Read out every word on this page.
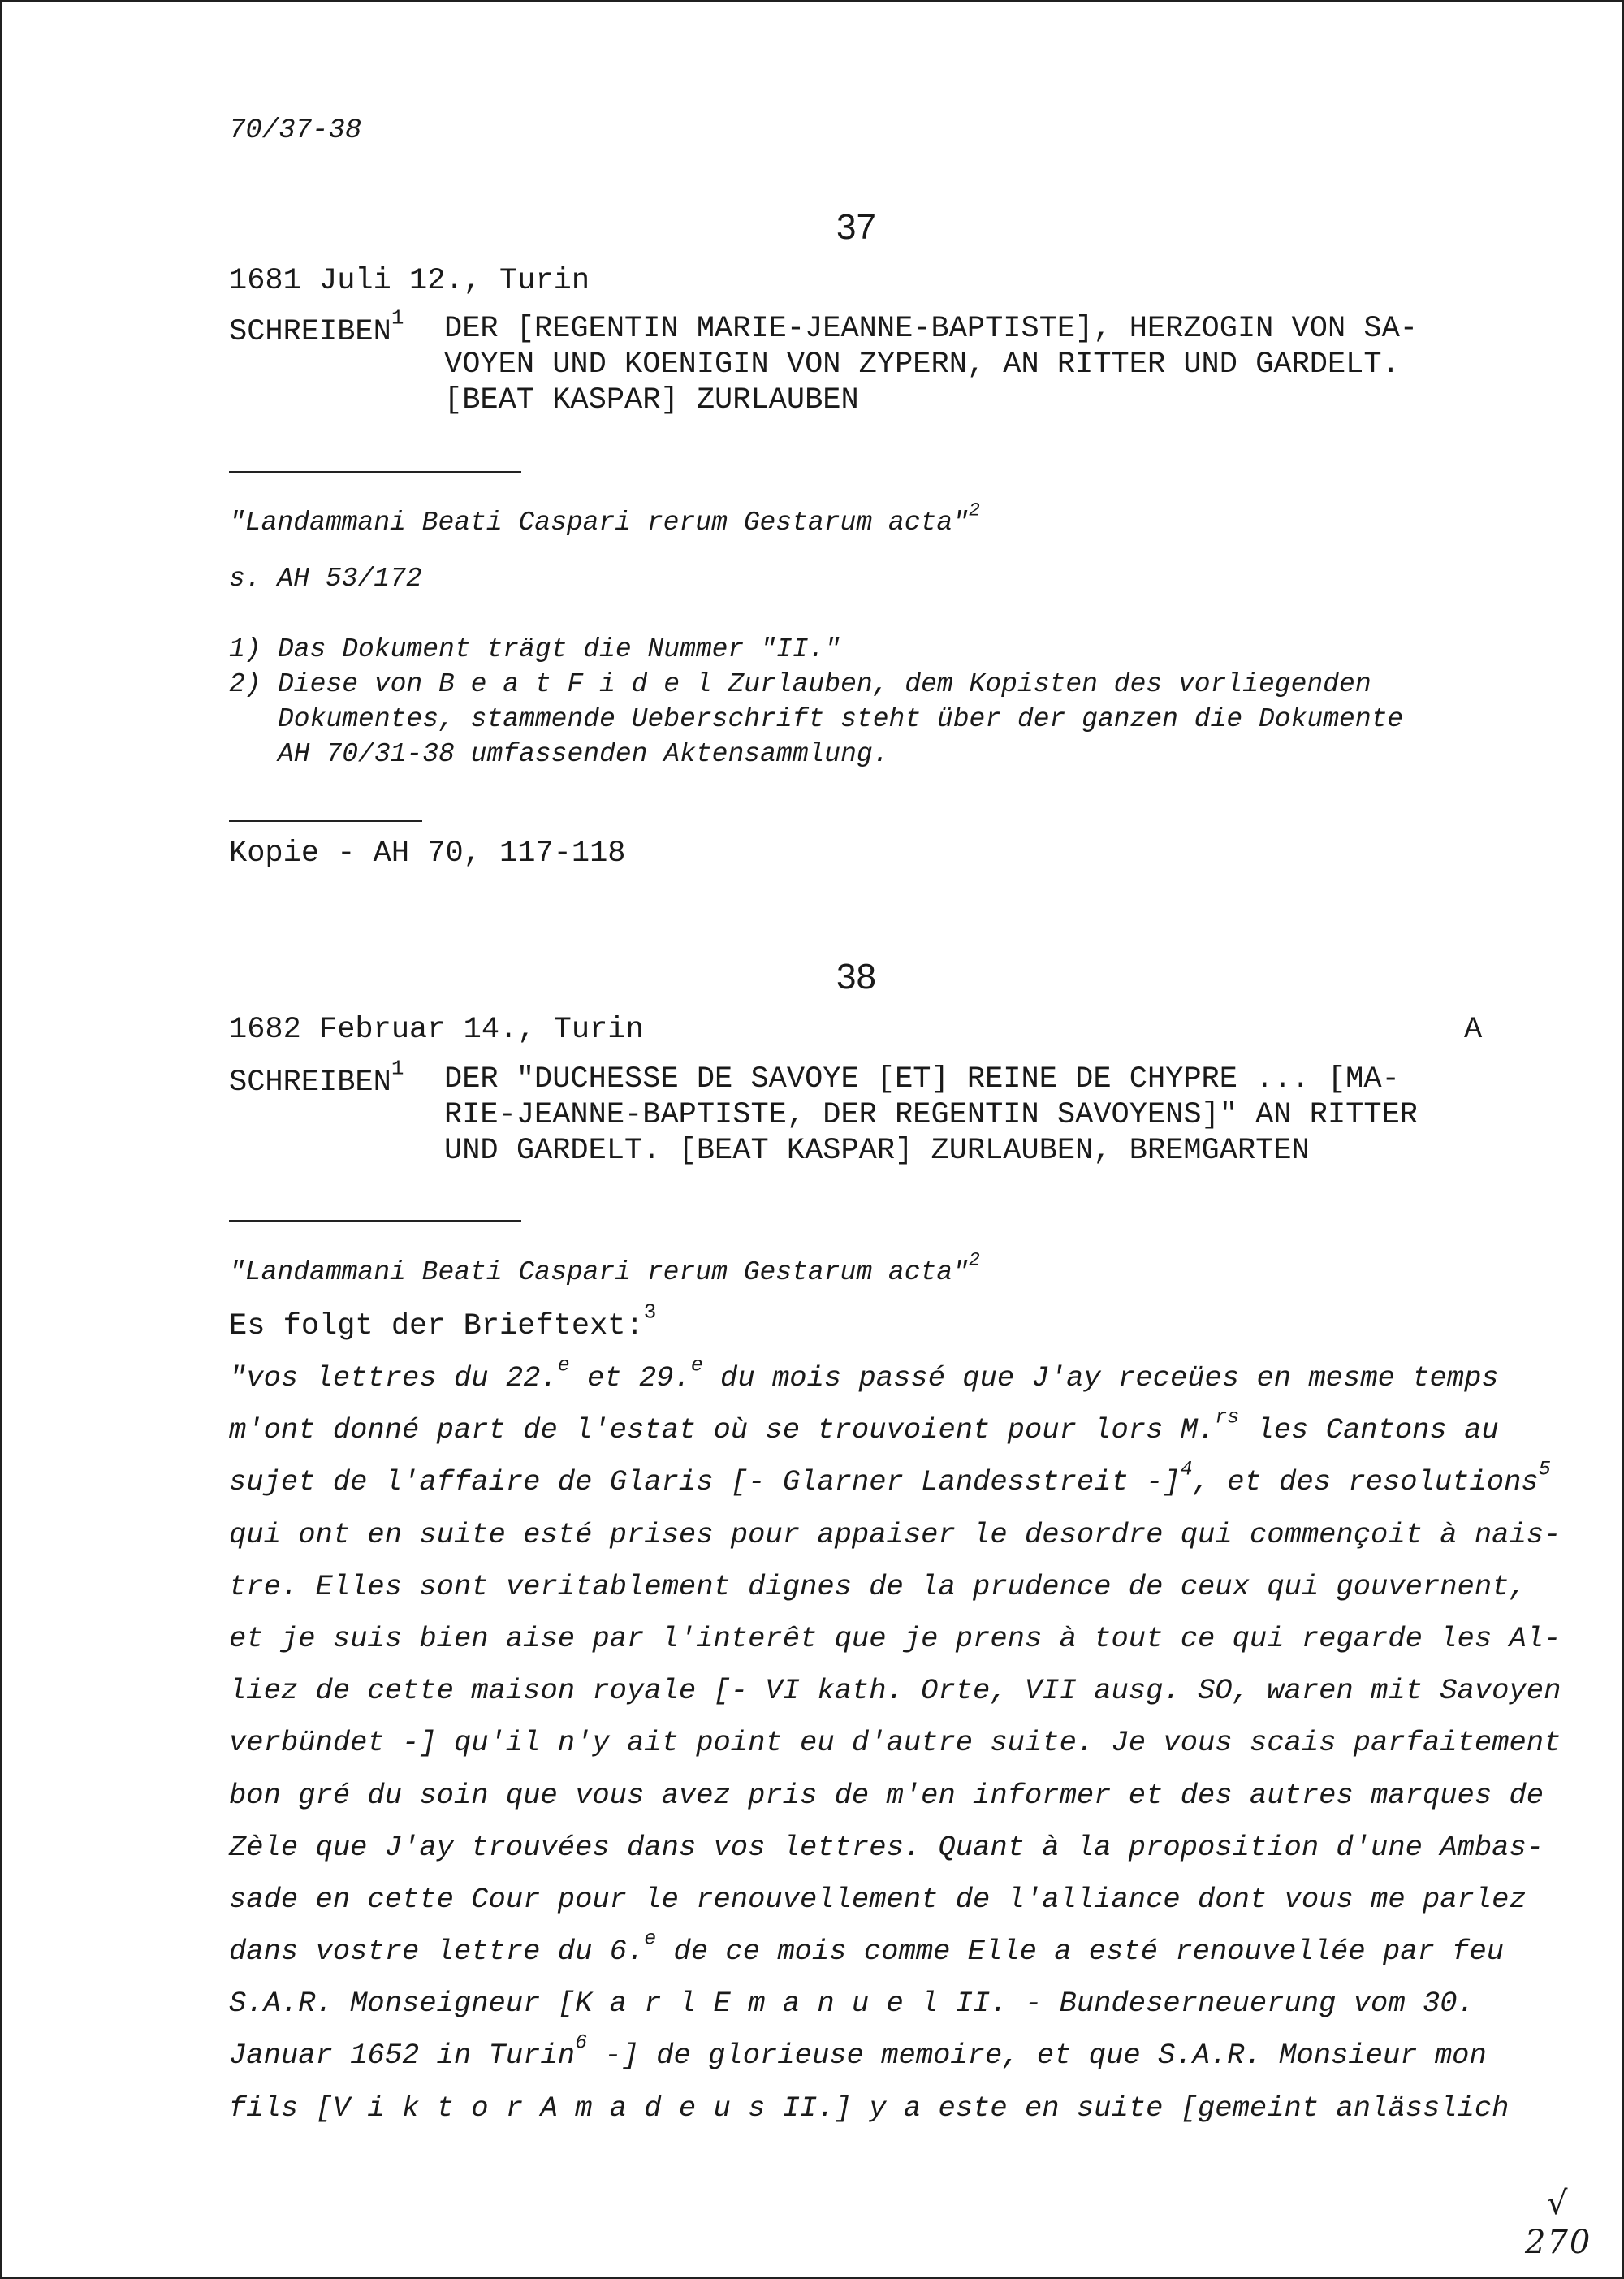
70/37-38
37
1681 Juli 12., Turin
SCHREIBEN$^1$ DER [REGENTIN MARIE-JEANNE-BAPTISTE], HERZOGIN VON SA-
VOYEN UND KOENIGIN VON ZYPERN, AN RITTER UND GARDELT.
[BEAT KASPAR] ZURLAUBEN
"Landammani Beati Caspari rerum Gestarum acta"$^2$
s. AH 53/172
1) Das Dokument trägt die Nummer "II."
2) Diese von B e a t F i d e l Zurlauben, dem Kopisten des vorliegenden
Dokumentes, stammende Ueberschrift steht über der ganzen die Dokumente
AH 70/31-38 umfassenden Aktensammlung.
Kopie - AH 70, 117-118
38
1682 Februar 14., Turin	A
SCHREIBEN$^1$ DER "DUCHESSE DE SAVOYE [ET] REINE DE CHYPRE ... [MA-
RIE-JEANNE-BAPTISTE, DER REGENTIN SAVOYENS]" AN RITTER
UND GARDELT. [BEAT KASPAR] ZURLAUBEN, BREMGARTEN
"Landammani Beati Caspari rerum Gestarum acta"$^2$
Es folgt der Brieftext:$^3$
"vos lettres du 22.$^e$ et 29.$^e$ du mois passé que J'ay receües en mesme temps
m'ont donné part de l'estat où se trouvoient pour lors M.$^{rs}$ les Cantons au
sujet de l'affaire de Glaris [- Glarner Landesstreit -]$^4$, et des resolutions$^5$
qui ont en suite esté prises pour appaiser le desordre qui commençoit à nais-
tre. Elles sont veritablement dignes de la prudence de ceux qui gouvernent,
et je suis bien aise par l'interêt que je prens à tout ce qui regarde les Al-
liez de cette maison royale [- VI kath. Orte, VII ausg. SO, waren mit Savoyen
verbündet -] qu'il n'y ait point eu d'autre suite. Je vous scais parfaitement
bon gré du soin que vous avez pris de m'en informer et des autres marques de
Zèle que J'ay trouvées dans vos lettres. Quant à la proposition d'une Ambas-
sade en cette Cour pour le renouvellement de l'alliance dont vous me parlez
dans vostre lettre du 6.$^e$ de ce mois comme Elle a esté renouvellée par feu
S.A.R. Monseigneur [K a r l E m a n u e l II. - Bundeserneuerung vom 30.
Januar 1652 in Turin$^6$ -] de glorieuse memoire, et que S.A.R. Monsieur mon
fils [V i k t o r A m a d e u s II.] y a este en suite [gemeint anlässlich
√
270
